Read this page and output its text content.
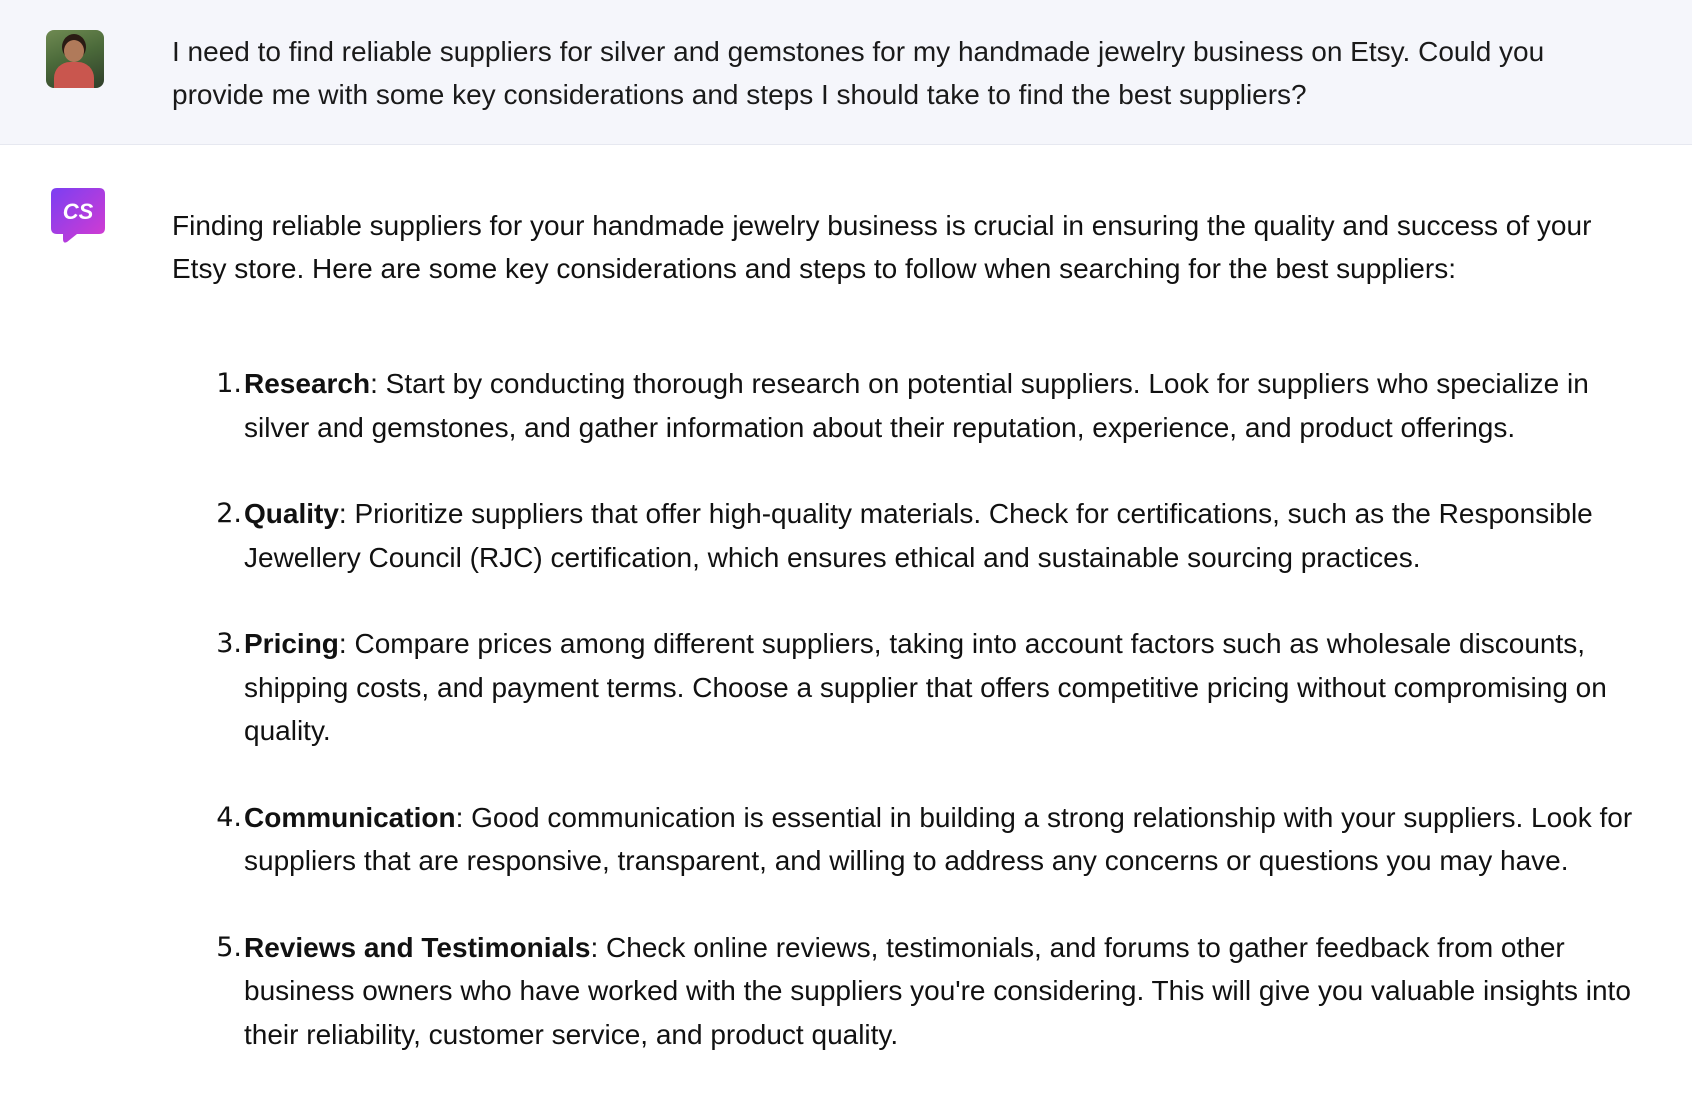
I need to find reliable suppliers for silver and gemstones for my handmade jewelry business on Etsy. Could you provide me with some key considerations and steps I should take to find the best suppliers?
CS	Finding reliable suppliers for your handmade jewelry business is crucial in ensuring the quality and success of your Etsy store. Here are some key considerations and steps to follow when searching for the best suppliers:
1. Research: Start by conducting thorough research on potential suppliers. Look for suppliers who specialize in silver and gemstones, and gather information about their reputation, experience, and product offerings.
2. Quality: Prioritize suppliers that offer high-quality materials. Check for certifications, such as the Responsible Jewellery Council (RJC) certification, which ensures ethical and sustainable sourcing practices.
3. Pricing: Compare prices among different suppliers, taking into account factors such as wholesale discounts, shipping costs, and payment terms. Choose a supplier that offers competitive pricing without compromising on quality.
4. Communication: Good communication is essential in building a strong relationship with your suppliers. Look for suppliers that are responsive, transparent, and willing to address any concerns or questions you may have.
5. Reviews and Testimonials: Check online reviews, testimonials, and forums to gather feedback from other business owners who have worked with the suppliers you're considering. This will give you valuable insights into their reliability, customer service, and product quality.
